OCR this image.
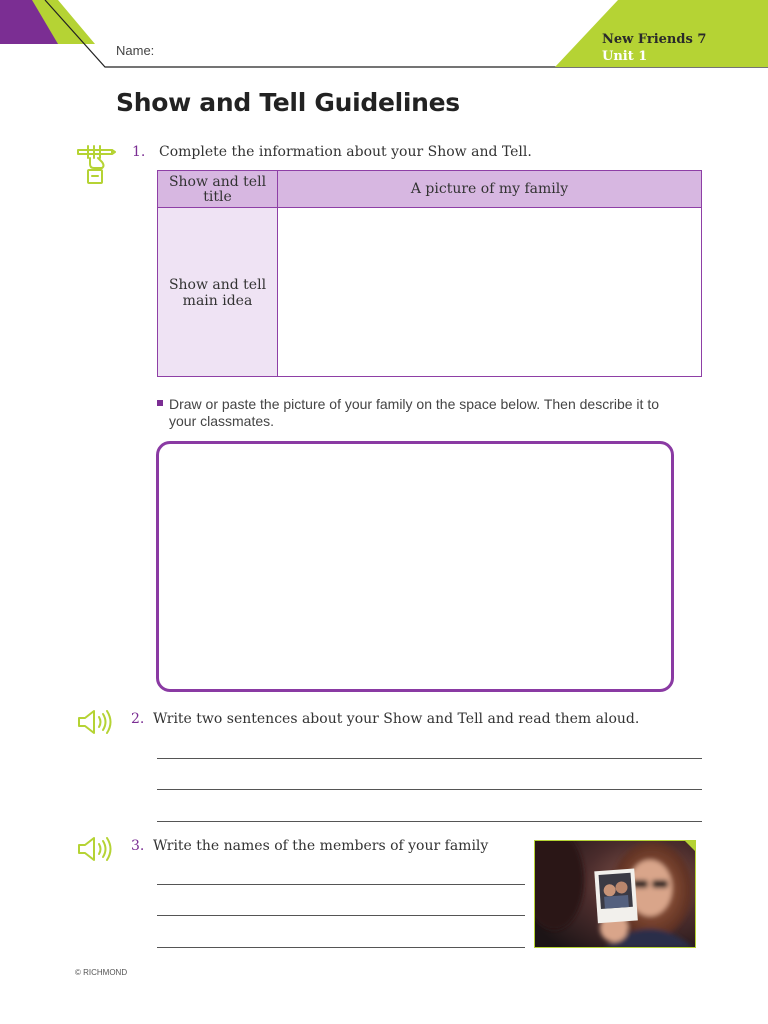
Name:
New Friends 7
Unit 1
Show and Tell Guidelines
1. Complete the information about your Show and Tell.
Show and tell
title	A picture of my family
Show and tell
main idea
Draw or paste the picture of your family on the space below. Then describe it to
your classmates.
2. Write two sentences about your Show and Tell and read them aloud.
3. Write the names of the members of your family
© RICHMOND
